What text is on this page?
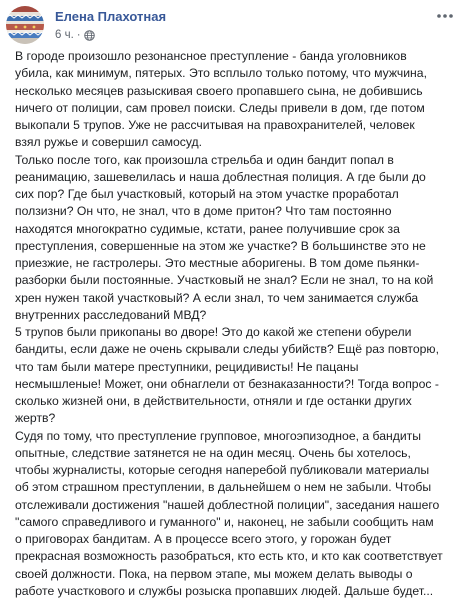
Елена Плахотная
6 ч. ·

В городе произошло резонансное преступление - банда уголовников
убила, как минимум, пятерых. Это всплыло только потому, что мужчина,
несколько месяцев разыскивая своего пропавшего сына, не добившись
ничего от полиции, сам провел поиски. Следы привели в дом, где потом
выкопали 5 трупов. Уже не рассчитывая на правохранителей, человек
взял ружье и совершил самосуд.

Только после того, как произошла стрельба и один бандит попал в
реанимацию, зашевелилась и наша доблестная полиция. А где были до
сих пор? Где был участковый, который на этом участке проработал
ползизни? Он что, не знал, что в доме притон? Что там постоянно
находятся многократно судимые, кстати, ранее получившие срок за
преступления, совершенные на этом же участке? В большинстве это не
приезжие, не гастролеры. Это местные аборигены. В том доме пьянки-
разборки были постоянные. Участковый не знал? Если не знал, то на кой
хрен нужен такой участковый? А если знал, то чем занимается служба
внутренних расследований МВД?

5 трупов были прикопаны во дворе! Это до какой же степени обурели
бандиты, если даже не очень скрывали следы убийств? Ещё раз повторю,
что там были матере преступники, рецидивисты! Не пацаны
несмышленые! Может, они обнаглели от безнаказанности?! Тогда вопрос -
сколько жизней они, в действительности, отняли и где останки других
жертв?

Судя по тому, что преступление групповое, многоэпизодное, а бандиты
опытные, следствие затянется не на один месяц. Очень бы хотелось,
чтобы журналисты, которые сегодня наперебой публиковали материалы
об этом страшном преступлении, в дальнейшем о нем не забыли. Чтобы
отслеживали достижения "нашей доблестной полиции", заседания нашего
"самого справедливого и гуманного" и, наконец, не забыли сообщить нам
о приговорах бандитам. А в процессе всего этого, у горожан будет
прекрасная возможность разобраться, кто есть кто, и кто как соответствует
своей должности. Пока, на первом этапе, мы можем делать выводы о
работе участкового и службы розыска пропавших людей. Дальше будет...
